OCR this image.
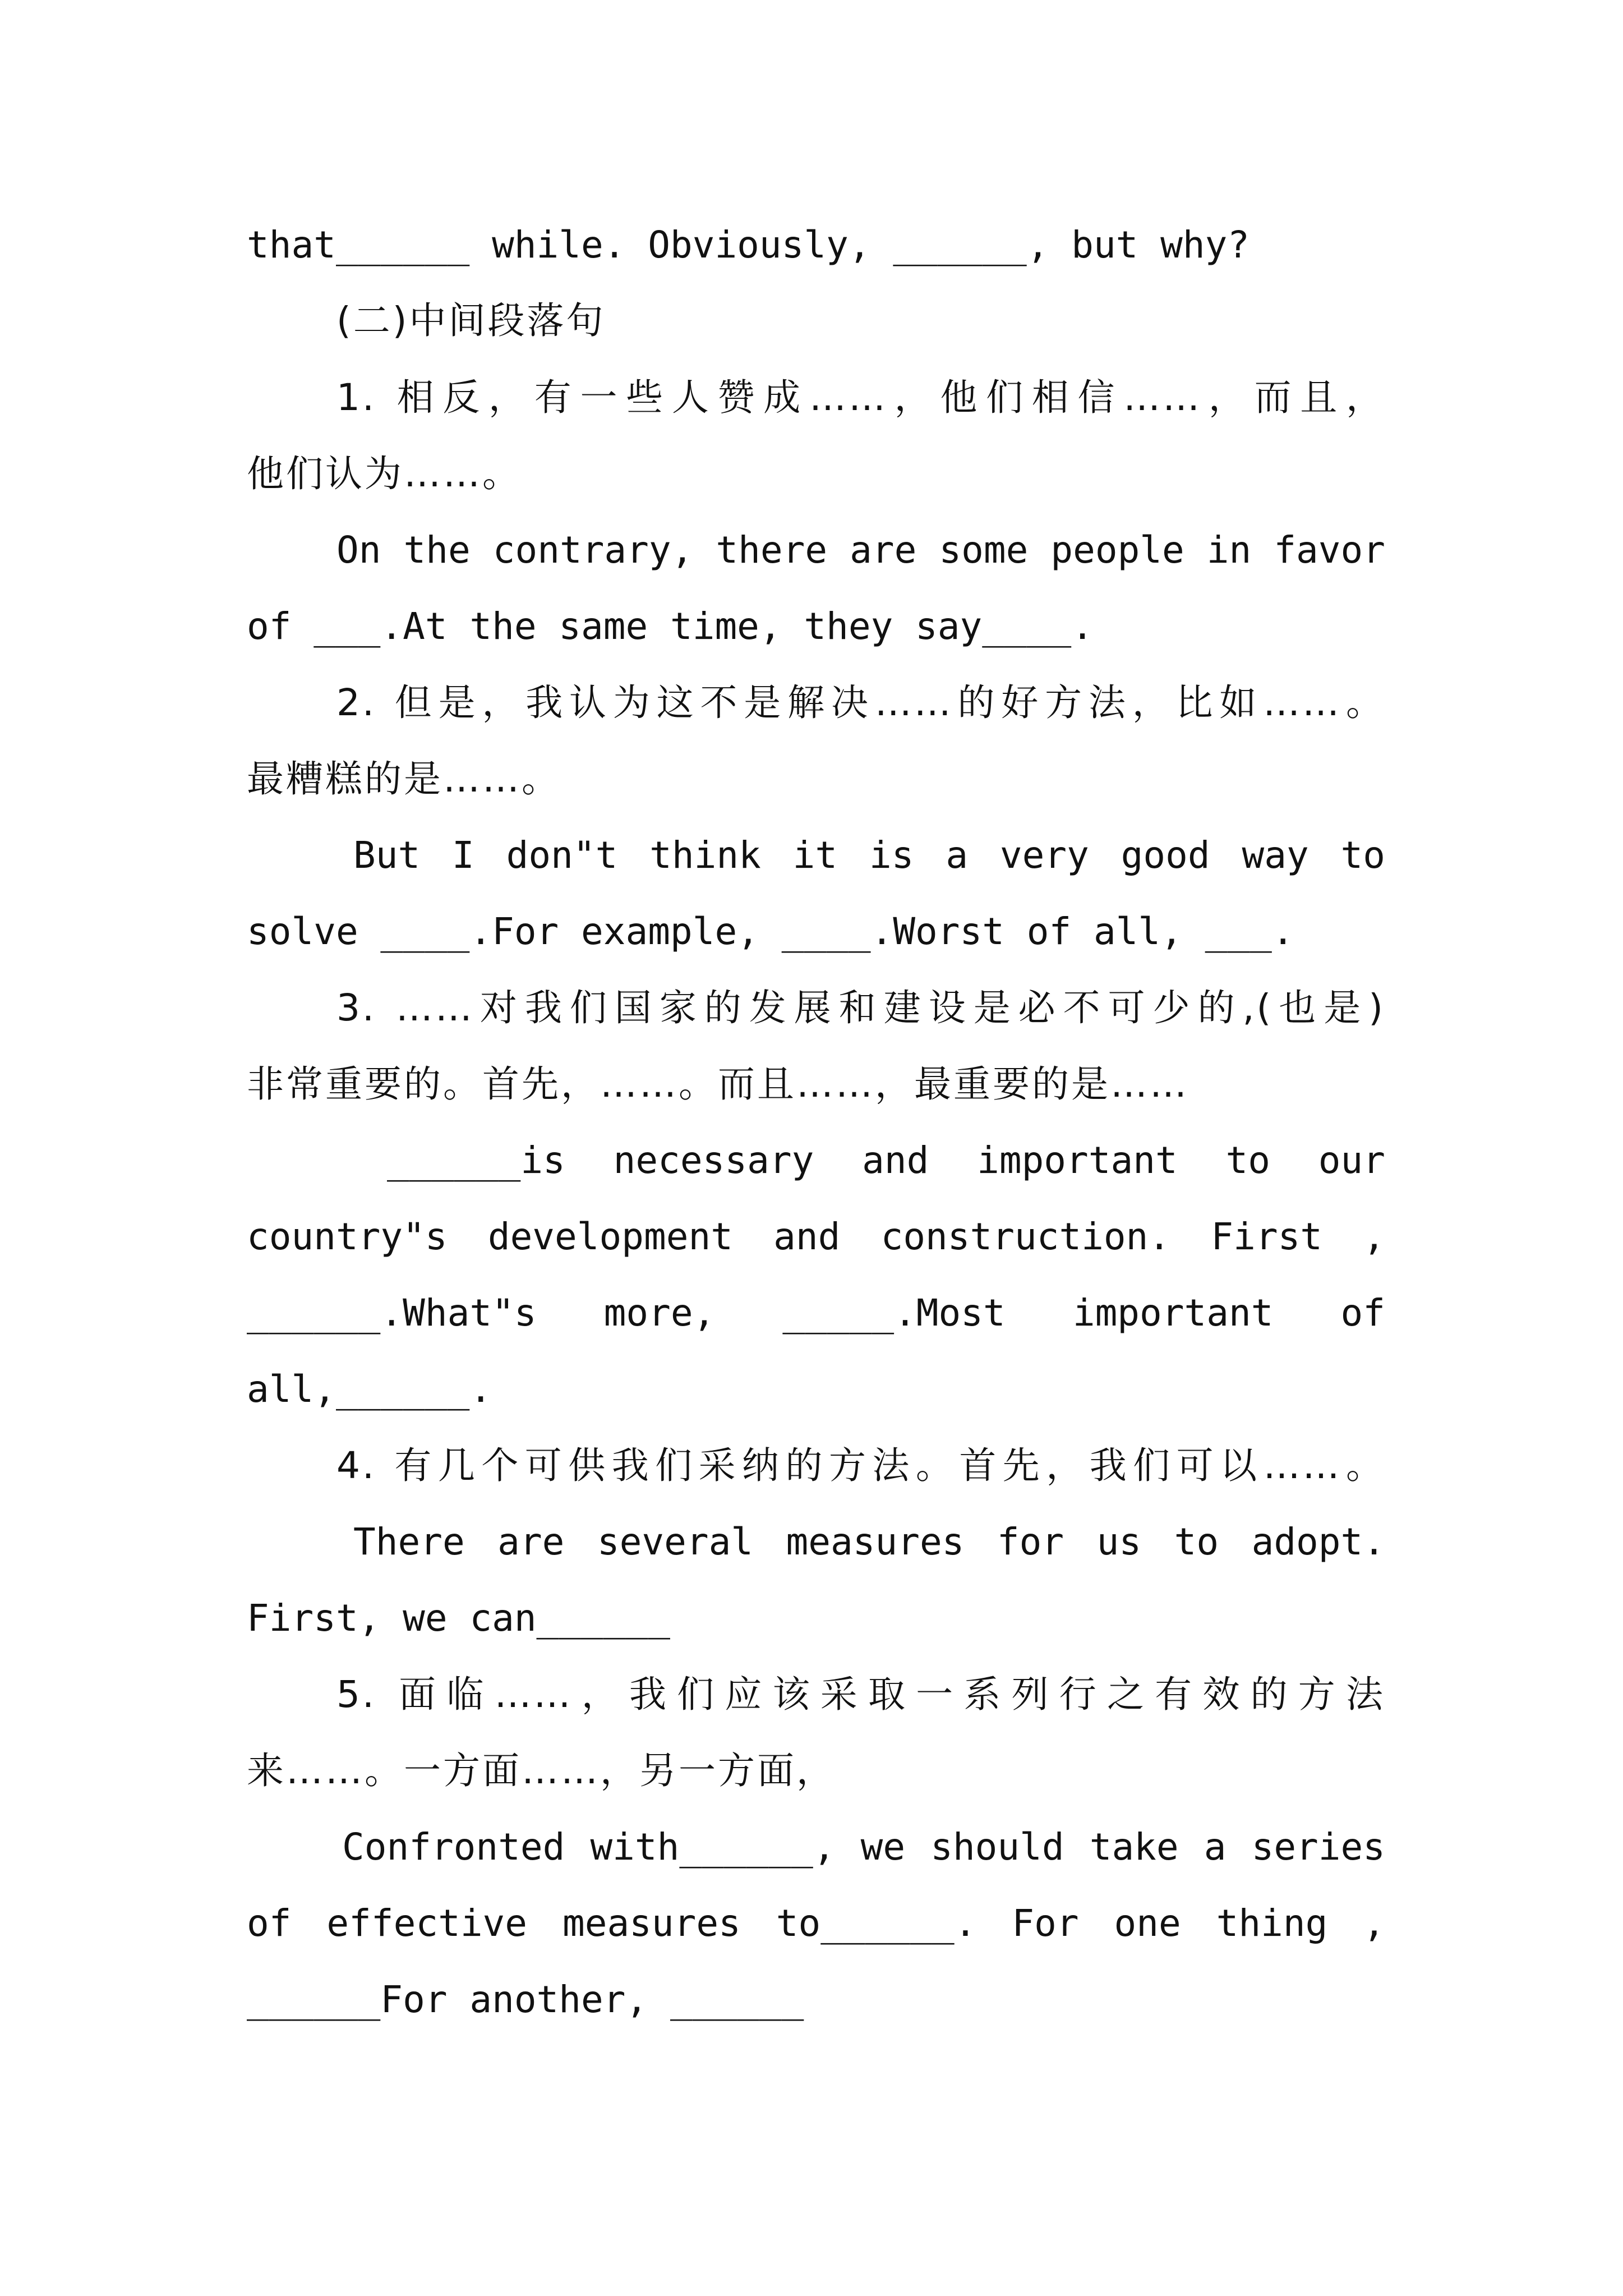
that______ while. Obviously, ______, but why?
(二)中间段落句
1. 相反，有一些人赞成……，他们相信……，而且，
他们认为……。
On the contrary, there are some people in favor
of ___.At the same time, they say____.
2. 但是，我认为这不是解决……的好方法，比如……。
最糟糕的是……。
But I don"t think it is a very good way to
solve ____.For example, ____.Worst of all, ___.
3. ……对我们国家的发展和建设是必不可少的,(也是)
非常重要的。首先，……。而且……，最重要的是……
______is necessary and important to our
country"s development and construction. First ,
______.What"s more, _____.Most important of
all,______.
4. 有几个可供我们采纳的方法。首先，我们可以……。
There are several measures for us to adopt.
First, we can______
5. 面临……，我们应该采取一系列行之有效的方法
来……。一方面……，另一方面，
Confronted with______, we should take a series
of effective measures to______. For one thing ,
______For another, ______
